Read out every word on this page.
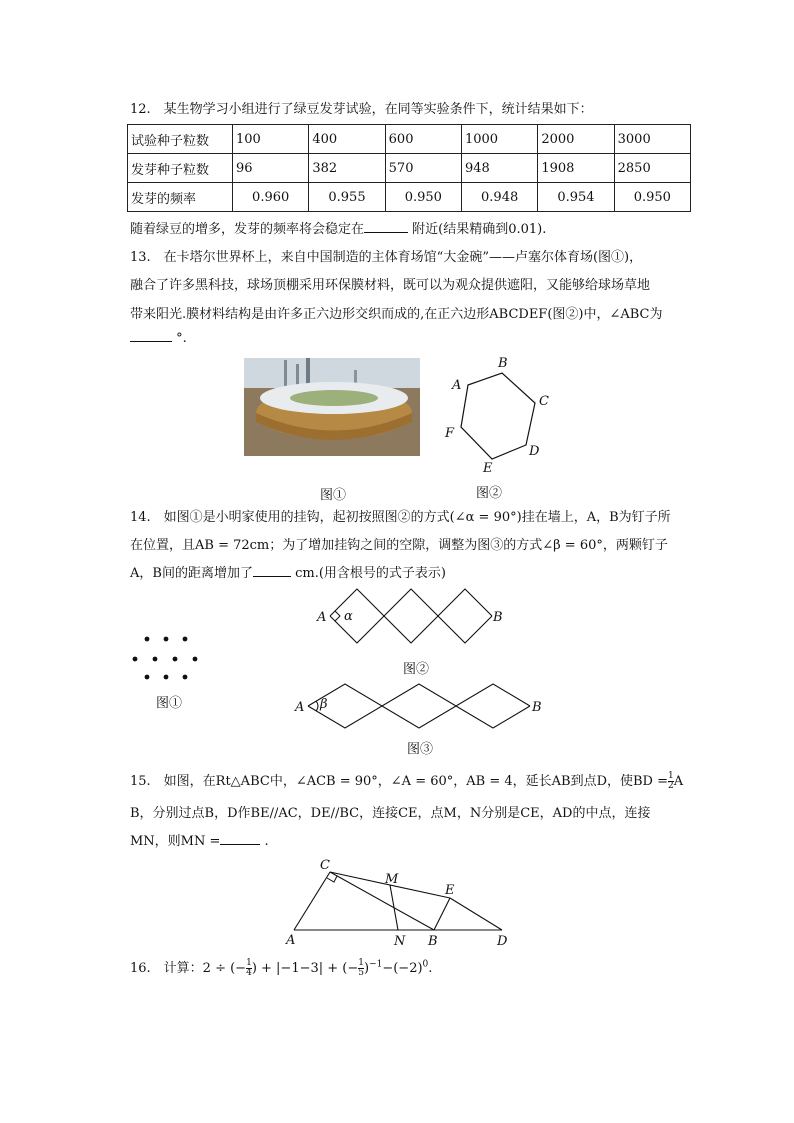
12.　某生物学习小组进行了绿豆发芽试验，在同等实验条件下，统计结果如下：
试验种子粒数	100	400	600	1000	2000	3000
发芽种子粒数	96	382	570	948	1908	2850
发芽的频率	0.960	0.955	0.950	0.948	0.954	0.950
随着绿豆的增多，发芽的频率将会稳定在	附近(结果精确到0.01).
13.　在卡塔尔世界杯上，来自中国制造的主体育场馆“大金碗”——卢塞尔体育场(图①)，
融合了许多黑科技，球场顶棚采用环保膜材料，既可以为观众提供遮阳，又能够给球场草地
带来阳光.膜材料结构是由许多正六边形交织而成的,在正六边形ABCDEF(图②)中，∠ABC为
°.
A
B
C
D
E
F
图①	图②
14.　如图①是小明家使用的挂钩，起初按照图②的方式(∠α = 90°)挂在墙上，A，B为钉子所
在位置，且AB = 72cm；为了增加挂钩之间的空隙，调整为图③的方式∠β = 60°，两颗钉子
A，B间的距离增加了	cm.(用含根号的式子表示)
图①
A α	B
图②
A β	B
图③
15.　如图，在Rt△ABC中，∠ACB = 90°，∠A = 60°，AB = 4，延长AB到点D，使BD = $\frac{1}{2}$ A
B，分别过点B，D作BE//AC，DE//BC，连接CE，点M，N分别是CE，AD的中点，连接
MN，则MN =	.
C
M
E
A	N B	D
16.　计算：2 ÷ (− $\frac{1}{4}$ ) + |−1−3| + (− $\frac{1}{5} )^{-1}-(-2)^0$.
